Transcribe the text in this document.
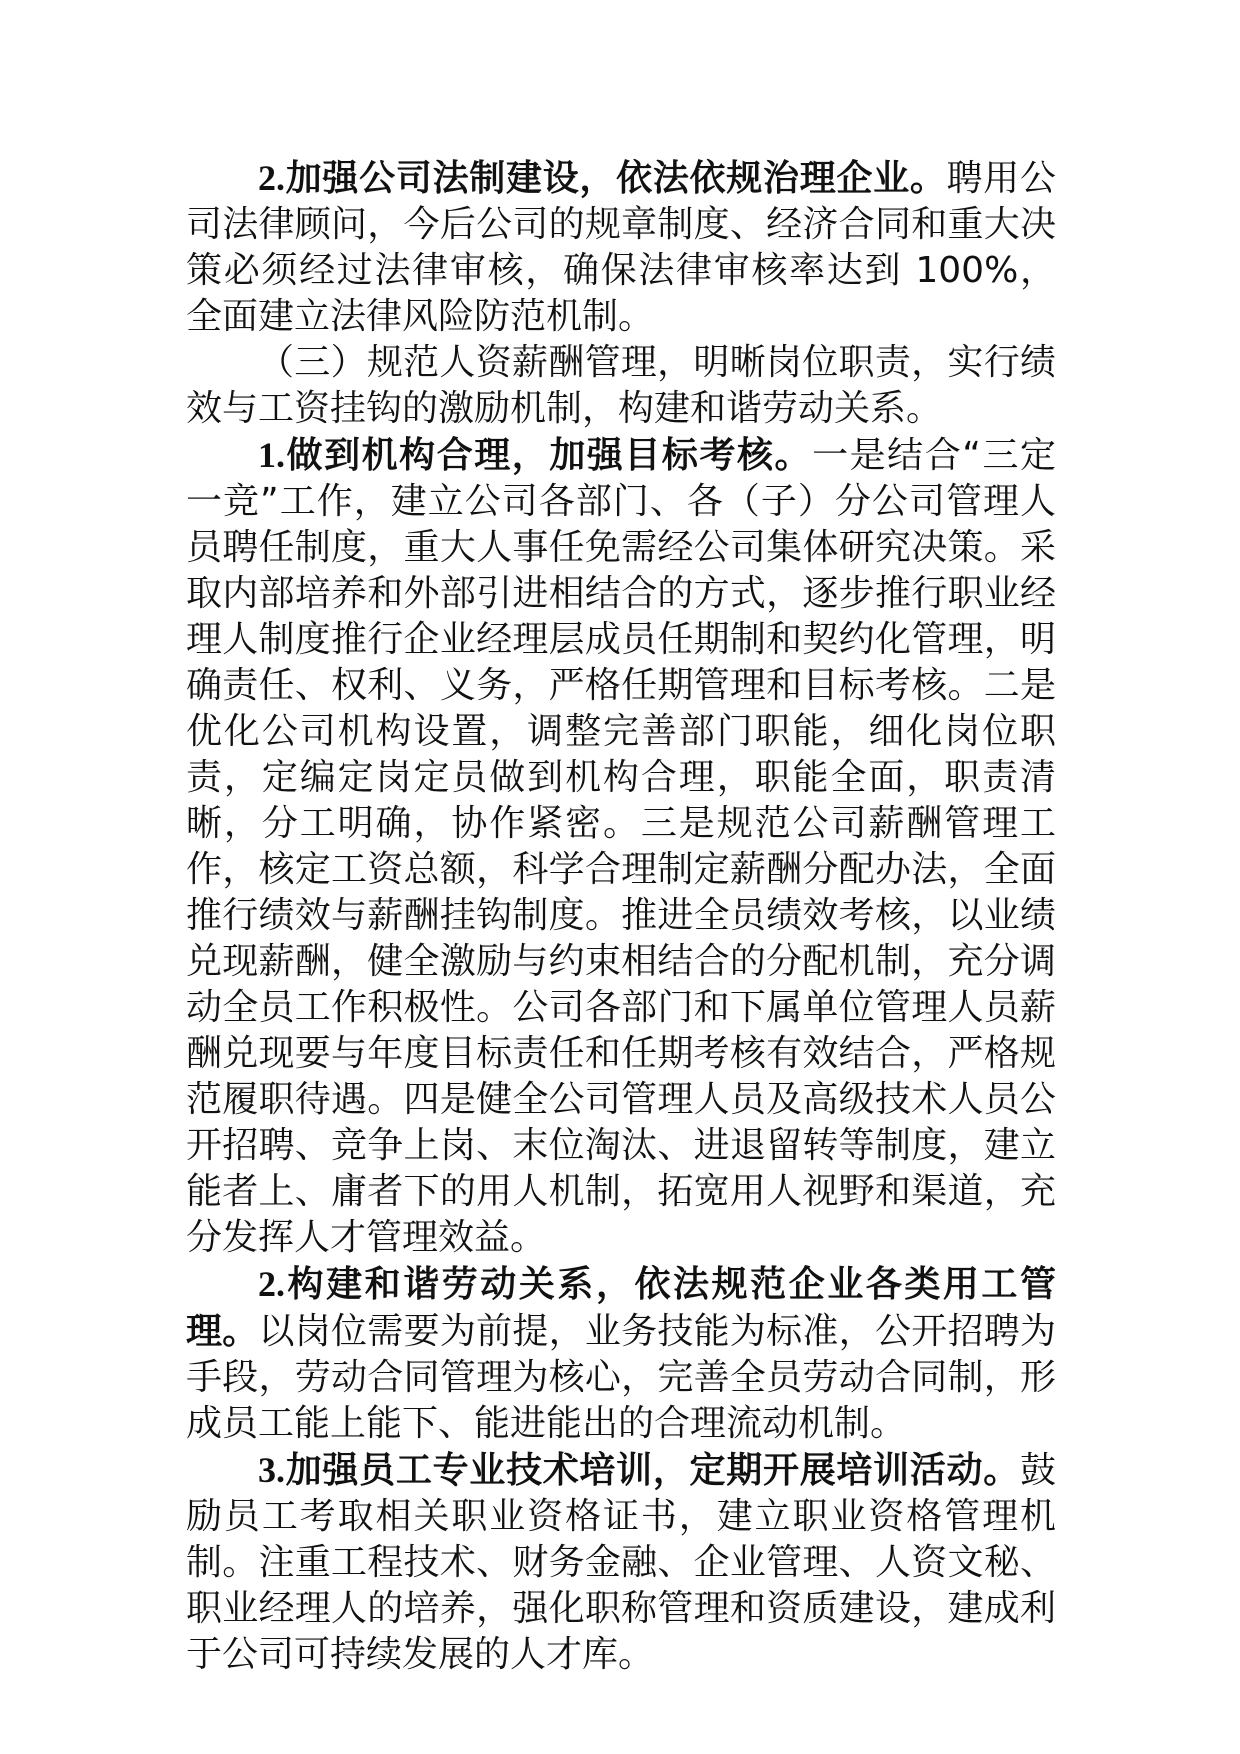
2.加强公司法制建设，依法依规治理企业。聘用公司法律顾问，今后公司的规章制度、经济合同和重大决策必须经过法律审核，确保法律审核率达到 100%，全面建立法律风险防范机制。

（三）规范人资薪酬管理，明晰岗位职责，实行绩效与工资挂钩的激励机制，构建和谐劳动关系。

1.做到机构合理，加强目标考核。一是结合“三定一竞”工作，建立公司各部门、各（子）分公司管理人员聘任制度，重大人事任免需经公司集体研究决策。采取内部培养和外部引进相结合的方式，逐步推行职业经理人制度推行企业经理层成员任期制和契约化管理，明确责任、权利、义务，严格任期管理和目标考核。二是优化公司机构设置，调整完善部门职能，细化岗位职责，定编定岗定员做到机构合理，职能全面，职责清晰，分工明确，协作紧密。三是规范公司薪酬管理工作，核定工资总额，科学合理制定薪酬分配办法，全面推行绩效与薪酬挂钩制度。推进全员绩效考核，以业绩兑现薪酬，健全激励与约束相结合的分配机制，充分调动全员工作积极性。公司各部门和下属单位管理人员薪酬兑现要与年度目标责任和任期考核有效结合，严格规范履职待遇。四是健全公司管理人员及高级技术人员公开招聘、竞争上岗、末位淘汰、进退留转等制度，建立能者上、庸者下的用人机制，拓宽用人视野和渠道，充分发挥人才管理效益。

2.构建和谐劳动关系，依法规范企业各类用工管理。以岗位需要为前提，业务技能为标准，公开招聘为手段，劳动合同管理为核心，完善全员劳动合同制，形成员工能上能下、能进能出的合理流动机制。

3.加强员工专业技术培训，定期开展培训活动。鼓励员工考取相关职业资格证书，建立职业资格管理机制。注重工程技术、财务金融、企业管理、人资文秘、职业经理人的培养，强化职称管理和资质建设，建成利于公司可持续发展的人才库。
